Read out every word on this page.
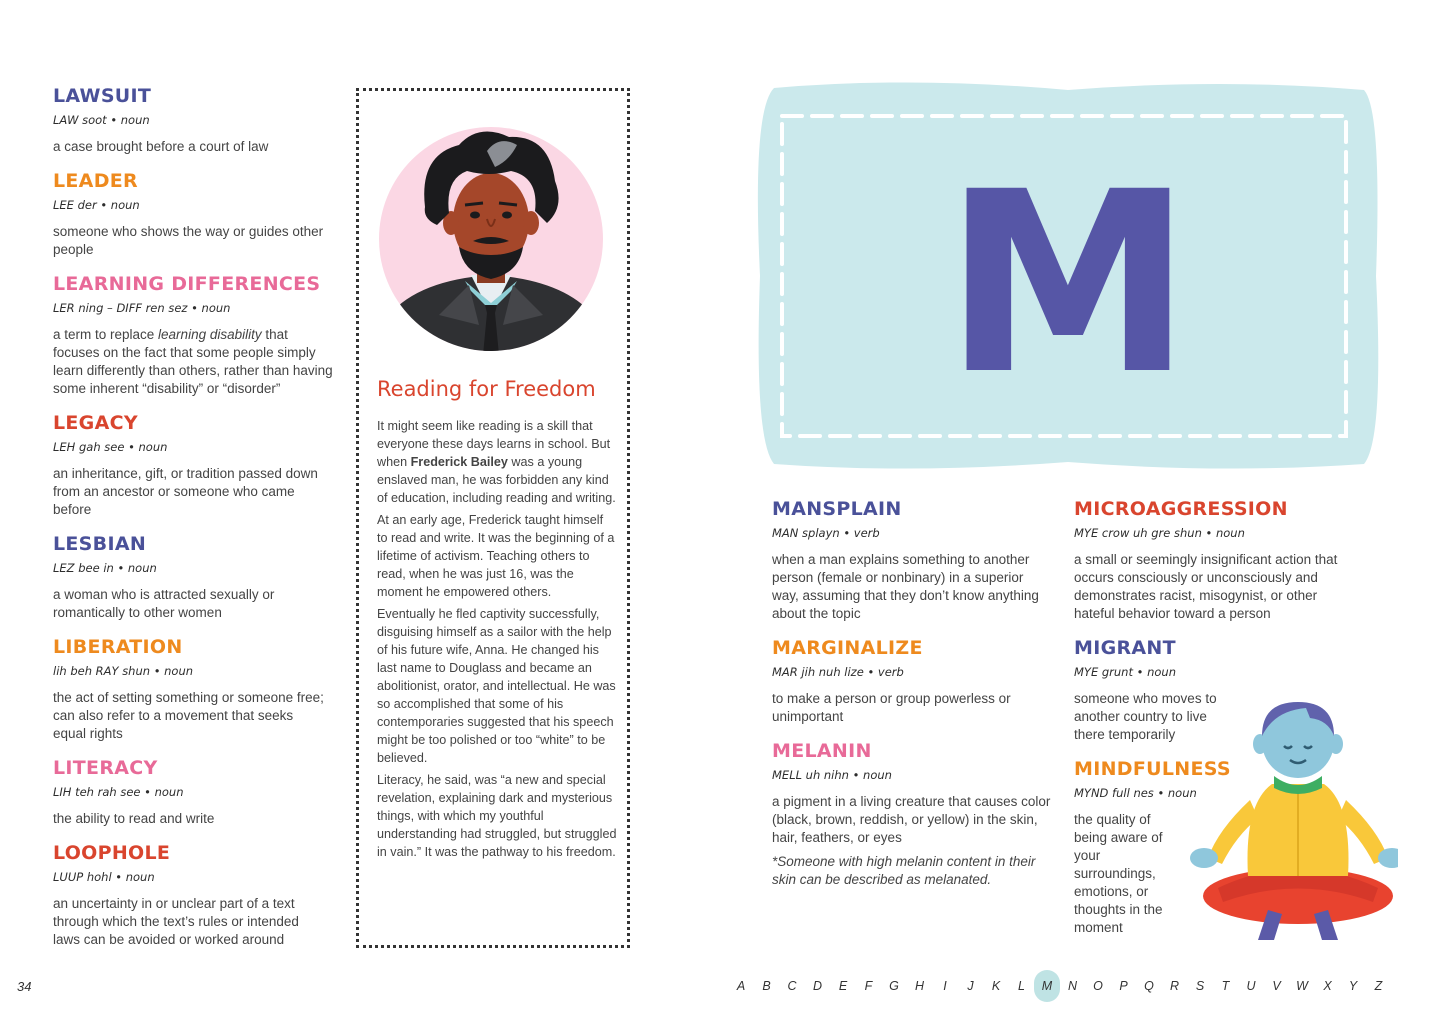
LAWSUIT
LAW soot • noun
a case brought before a court of law
LEADER
LEE der • noun
someone who shows the way or guides other people
LEARNING DIFFERENCES
LER ning – DIFF ren sez • noun
a term to replace learning disability that focuses on the fact that some people simply learn differently than others, rather than having some inherent “disability” or “disorder”
LEGACY
LEH gah see • noun
an inheritance, gift, or tradition passed down from an ancestor or someone who came before
LESBIAN
LEZ bee in • noun
a woman who is attracted sexually or romantically to other women
LIBERATION
lih beh RAY shun • noun
the act of setting something or someone free; can also refer to a movement that seeks equal rights
LITERACY
LIH teh rah see • noun
the ability to read and write
LOOPHOLE
LUUP hohl • noun
an uncertainty in or unclear part of a text through which the text’s rules or intended laws can be avoided or worked around
Reading for Freedom

It might seem like reading is a skill that everyone these days learns in school. But when Frederick Bailey was a young enslaved man, he was forbidden any kind of education, including reading and writing.

At an early age, Frederick taught himself to read and write. It was the beginning of a lifetime of activism. Teaching others to read, when he was just 16, was the moment he empowered others.

Eventually he fled captivity successfully, disguising himself as a sailor with the help of his future wife, Anna. He changed his last name to Douglass and became an abolitionist, orator, and intellectual. He was so accomplished that some of his contemporaries suggested that his speech might be too polished or too “white” to be believed.

Literacy, he said, was “a new and special revelation, explaining dark and mysterious things, with which my youthful understanding had struggled, but struggled in vain.” It was the pathway to his freedom.

M
MANSPLAIN
MAN splayn • verb
when a man explains something to another person (female or nonbinary) in a superior way, assuming that they don’t know anything about the topic
MARGINALIZE
MAR jih nuh lize • verb
to make a person or group powerless or unimportant
MELANIN
MELL uh nihn • noun
a pigment in a living creature that causes color (black, brown, reddish, or yellow) in the skin, hair, feathers, or eyes
*Someone with high melanin content in their skin can be described as melanated.
MICROAGGRESSION
MYE crow uh gre shun • noun
a small or seemingly insignificant action that occurs consciously or unconsciously and demonstrates racist, misogynist, or other hateful behavior toward a person
MIGRANT
MYE grunt • noun
someone who moves to another country to live there temporarily
MINDFULNESS
MYND full nes • noun
the quality of being aware of your surroundings, emotions, or thoughts in the moment
34	A	B	C	D	E	F	G	H	I	J	K	L	M	N	O	P	Q	R	S	T	U	V	W	X	Y	Z
